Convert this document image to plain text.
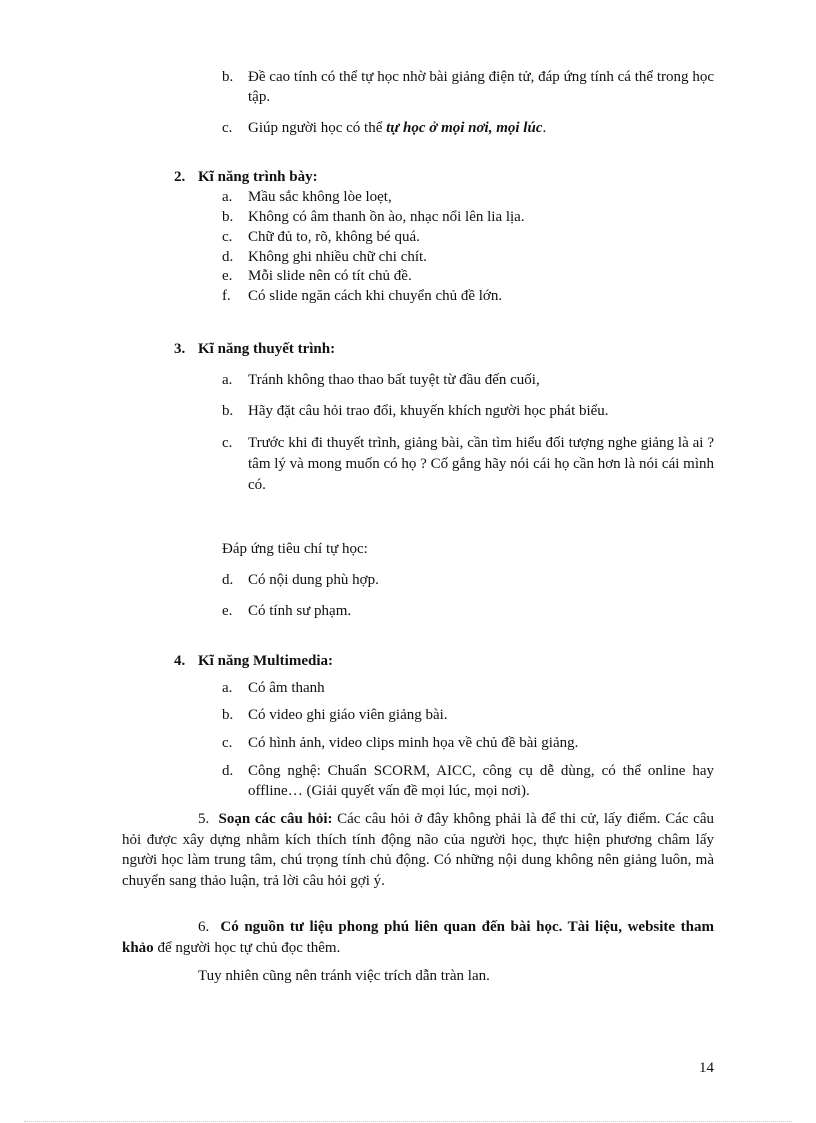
b. Đề cao tính có thể tự học nhờ bài giảng điện tử, đáp ứng tính cá thể trong học tập.
c.	Giúp người học có thể tự học ở mọi nơi, mọi lúc.
2. Kĩ năng trình bày:
a.	Mầu sắc không lòe loẹt,
b. Không có âm thanh ồn ào, nhạc nổi lên lia lịa.
c.	Chữ đủ to, rõ, không bé quá.
d. Không ghi nhiều chữ chi chít.
e.	Mỗi slide nên có tít chủ đề.
f.	Có slide ngăn cách khi chuyển chủ đề lớn.
3. Kĩ năng thuyết trình:
a.	Tránh không thao thao bất tuyệt từ đầu đến cuối,
b. Hãy đặt câu hỏi trao đổi, khuyến khích người học phát biểu.
c.	Trước khi đi thuyết trình, giảng bài, cần tìm hiểu đối tượng nghe giảng là ai ? tâm lý và mong muốn có họ ? Cố gắng hãy nói cái họ cần hơn là nói cái mình có.
Đáp ứng tiêu chí tự học:
d. Có nội dung phù hợp.
e.	Có tính sư phạm.
4. Kĩ năng Multimedia:
a.	Có âm thanh
b. Có video ghi giáo viên giảng bài.
c.	Có hình ảnh, video clips minh họa về chủ đề bài giảng.
d. Công nghệ: Chuẩn SCORM, AICC, công cụ dễ dùng, có thể online hay offline… (Giải quyết vấn đề mọi lúc, mọi nơi).
5. Soạn các câu hỏi: Các câu hỏi ở đây không phải là để thi cử, lấy điểm. Các câu hỏi được xây dựng nhằm kích thích tính động não của người học, thực hiện phương châm lấy người học làm trung tâm, chú trọng tính chủ động. Có những nội dung không nên giảng luôn, mà chuyển sang thảo luận, trả lời câu hỏi gợi ý.
6. Có nguồn tư liệu phong phú liên quan đến bài học. Tài liệu, website tham khảo để người học tự chủ đọc thêm.
Tuy nhiên cũng nên tránh việc trích dẫn tràn lan.
14
